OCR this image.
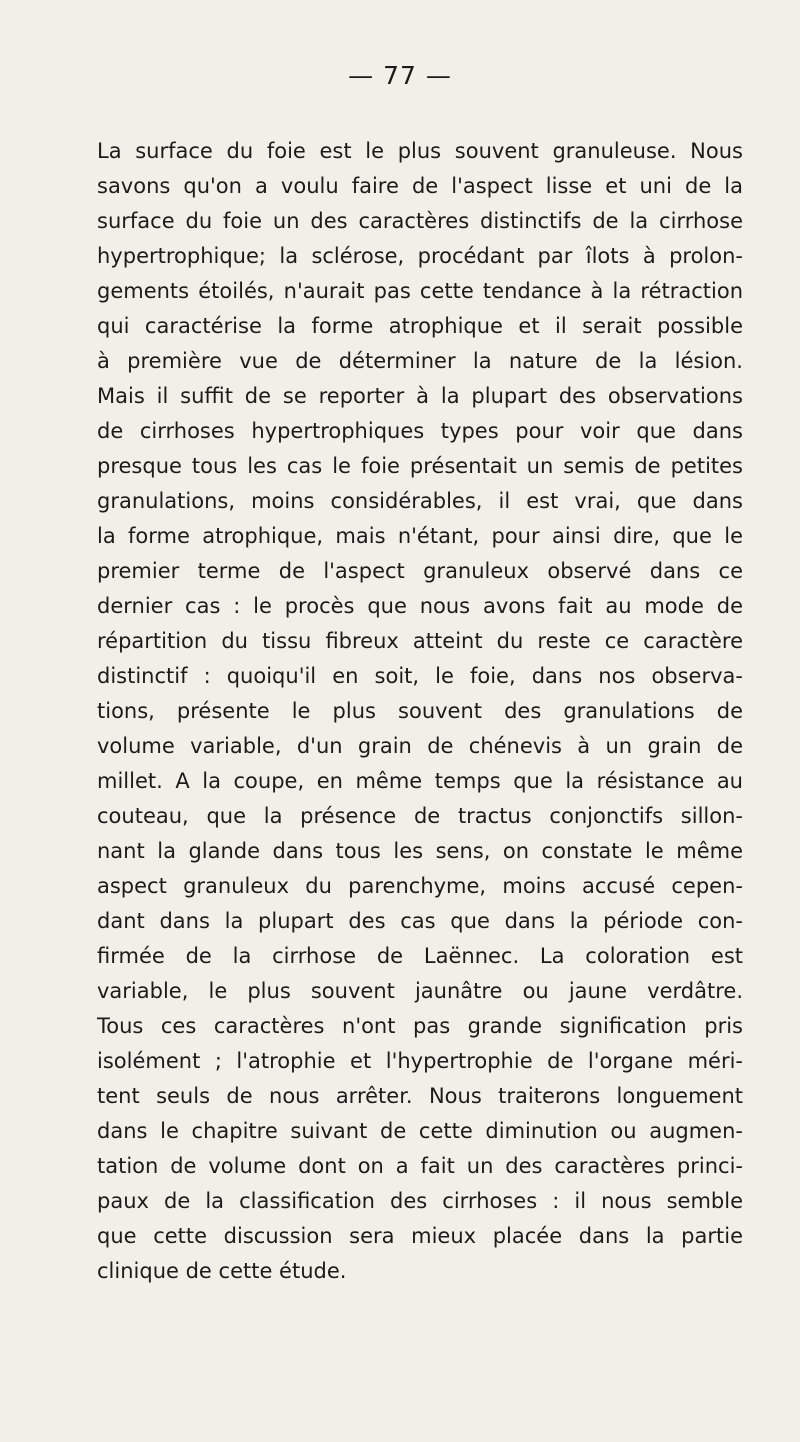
— 77 —
La surface du foie est le plus souvent granuleuse. Nous
savons qu'on a voulu faire de l'aspect lisse et uni de la
surface du foie un des caractères distinctifs de la cirrhose
hypertrophique; la sclérose, procédant par îlots à prolon-
gements étoilés, n'aurait pas cette tendance à la rétraction
qui caractérise la forme atrophique et il serait possible
à première vue de déterminer la nature de la lésion.
Mais il suffit de se reporter à la plupart des observations
de cirrhoses hypertrophiques types pour voir que dans
presque tous les cas le foie présentait un semis de petites
granulations, moins considérables, il est vrai, que dans
la forme atrophique, mais n'étant, pour ainsi dire, que le
premier terme de l'aspect granuleux observé dans ce
dernier cas : le procès que nous avons fait au mode de
répartition du tissu fibreux atteint du reste ce caractère
distinctif : quoiqu'il en soit, le foie, dans nos observa-
tions, présente le plus souvent des granulations de
volume variable, d'un grain de chénevis à un grain de
millet. A la coupe, en même temps que la résistance au
couteau, que la présence de tractus conjonctifs sillon-
nant la glande dans tous les sens, on constate le même
aspect granuleux du parenchyme, moins accusé cepen-
dant dans la plupart des cas que dans la période con-
firmée de la cirrhose de Laënnec. La coloration est
variable, le plus souvent jaunâtre ou jaune verdâtre.
Tous ces caractères n'ont pas grande signification pris
isolément ; l'atrophie et l'hypertrophie de l'organe méri-
tent seuls de nous arrêter. Nous traiterons longuement
dans le chapitre suivant de cette diminution ou augmen-
tation de volume dont on a fait un des caractères princi-
paux de la classification des cirrhoses : il nous semble
que cette discussion sera mieux placée dans la partie
clinique de cette étude.
